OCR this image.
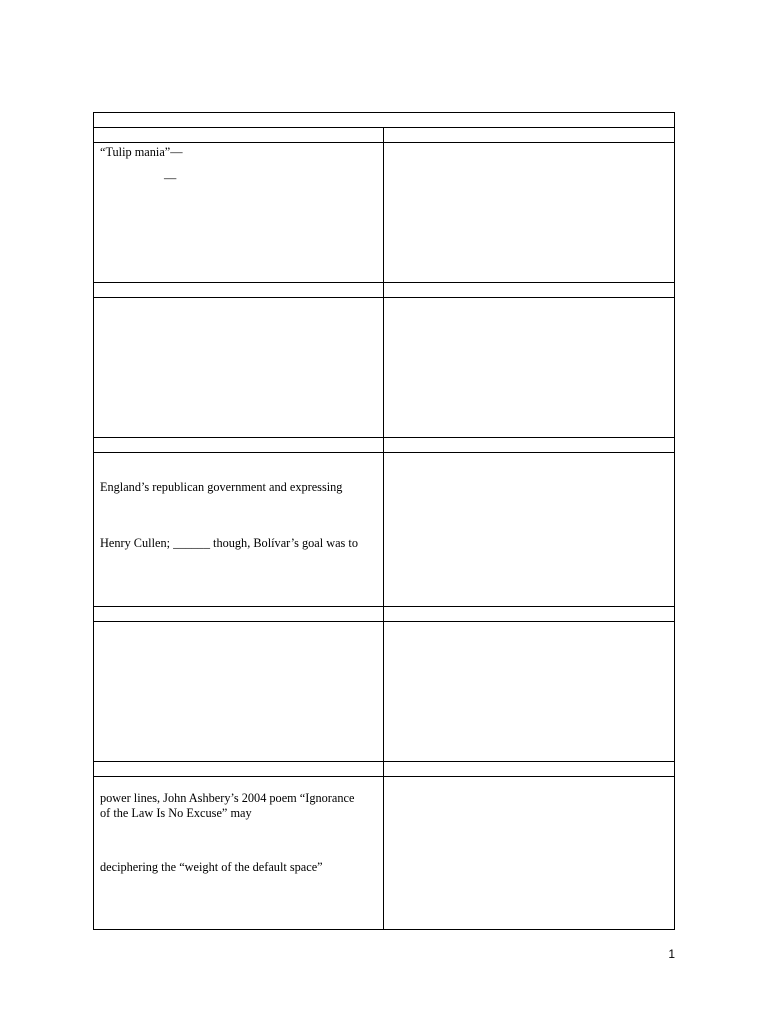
“Tulip mania”—
—
England’s republican government and expressing
Henry Cullen; ______ though, Bolívar’s goal was to
power lines, John Ashbery’s 2004 poem “Ignorance
of the Law Is No Excuse” may
deciphering the “weight of the default space”
1
